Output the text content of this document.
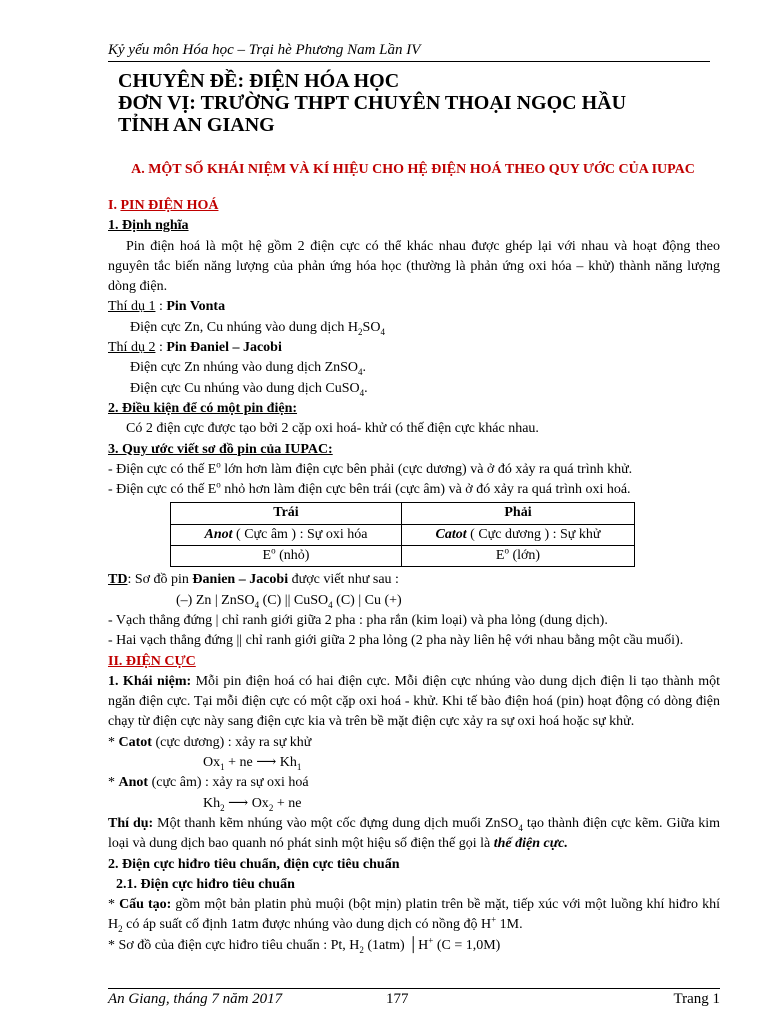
Kỷ yếu môn Hóa học – Trại hè Phương Nam Lần IV
CHUYÊN ĐỀ: ĐIỆN HÓA HỌC
ĐƠN VỊ: TRƯỜNG THPT CHUYÊN THOẠI NGỌC HẦU
TỈNH AN GIANG
A. MỘT SỐ KHÁI NIỆM VÀ KÍ HIỆU CHO HỆ ĐIỆN HOÁ THEO QUY ƯỚC CỦA IUPAC

I. PIN ĐIỆN HOÁ

1. Định nghĩa

Pin điện hoá là một hệ gồm 2 điện cực có thể khác nhau được ghép lại với nhau và hoạt động theo nguyên tắc biến năng lượng của phản ứng hóa học (thường là phản ứng oxi hóa – khử) thành năng lượng dòng điện.

Thí dụ 1 : Pin Vonta

Điện cực Zn, Cu nhúng vào dung dịch $H_2SO_4$

Thí dụ 2 : Pin Đaniel – Jacobi

Điện cực Zn nhúng vào dung dịch ZnSO$_4$.

Điện cực Cu nhúng vào dung dịch CuSO$_4$.

2. Điều kiện để có một pin điện:

Có 2 điện cực được tạo bởi 2 cặp oxi hoá- khử có thế điện cực khác nhau.

3. Quy ước viết sơ đồ pin của IUPAC:

- Điện cực có thế $E^o$ lớn hơn làm điện cực bên phải (cực dương) và ở đó xảy ra quá trình khử.

- Điện cực có thế $E^o$ nhỏ hơn làm điện cực bên trái (cực âm) và ở đó xảy ra quá trình oxi hoá.

Trái	Phải
Anot ( Cực âm ) : Sự oxi hóa	Catot ( Cực dương ) : Sự khử
$E^o$ (nhỏ)	$E^o$ (lớn)

TD: Sơ đồ pin Đanien – Jacobi được viết như sau :

(–) Zn | ZnSO$_4$ (C) || CuSO$_4$ (C) | Cu (+)

- Vạch thẳng đứng | chỉ ranh giới giữa 2 pha : pha rắn (kim loại) và pha lỏng (dung dịch).

- Hai vạch thẳng đứng || chỉ ranh giới giữa 2 pha lỏng (2 pha này liên hệ với nhau bằng một cầu muối).

II. ĐIỆN CỰC

1. Khái niệm: Mỗi pin điện hoá có hai điện cực. Mỗi điện cực nhúng vào dung dịch điện li tạo thành một ngăn điện cực. Tại mỗi điện cực có một cặp oxi hoá - khử. Khi tế bào điện hoá (pin) hoạt động có dòng điện chạy từ điện cực này sang điện cực kia và trên bề mặt điện cực xảy ra sự oxi hoá hoặc sự khử.

* Catot (cực dương) : xảy ra sự khử

$Ox_1$ + ne ⟶ $Kh_1$

* Anot (cực âm) : xảy ra sự oxi hoá

$Kh_2$ ⟶ $Ox_2$ + ne

Thí dụ: Một thanh kẽm nhúng vào một cốc đựng dung dịch muối ZnSO$_4$ tạo thành điện cực kẽm. Giữa kim loại và dung dịch bao quanh nó phát sinh một hiệu số điện thế gọi là thế điện cực.

2. Điện cực hiđro tiêu chuẩn, điện cực tiêu chuẩn

2.1. Điện cực hiđro tiêu chuẩn

* Cấu tạo: gồm một bản platin phủ muội (bột mịn) platin trên bề mặt, tiếp xúc với một luồng khí hiđro khí $H_2$ có áp suất cố định 1atm được nhúng vào dung dịch có nồng độ H+ 1M.

* Sơ đồ của điện cực hiđro tiêu chuẩn : Pt, $H_2$ (1atm) │H+ (C = 1,0M)

An Giang, tháng 7 năm 2017	177	Trang 1
